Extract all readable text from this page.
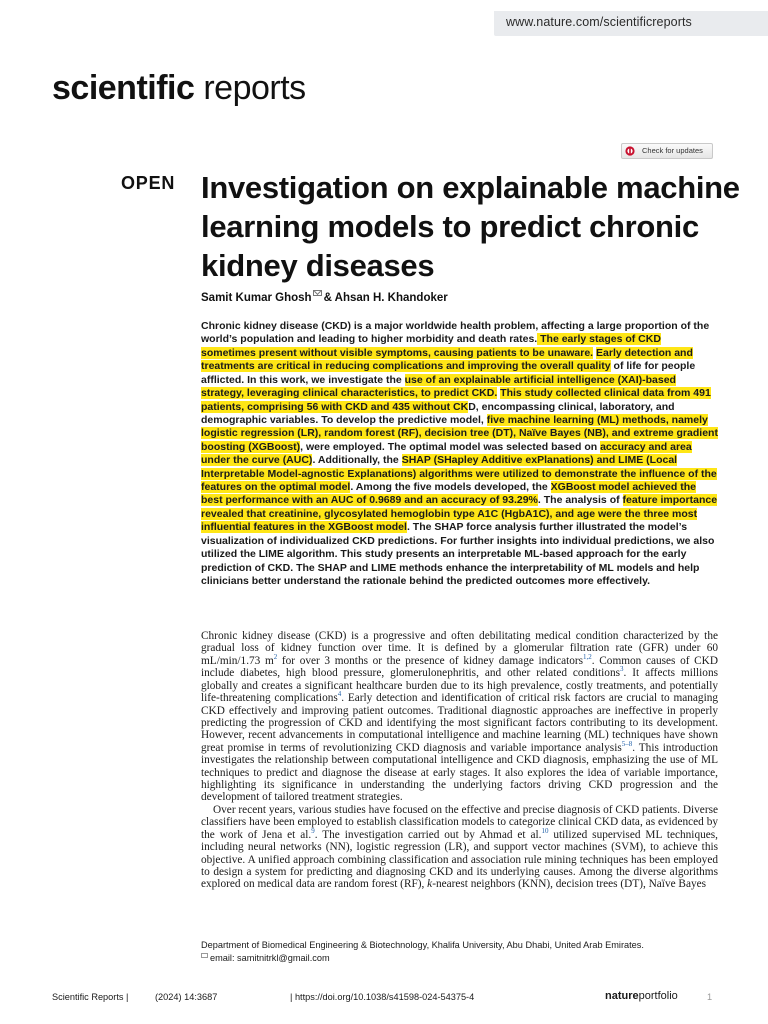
www.nature.com/scientificreports
scientific reports
Check for updates
OPEN Investigation on explainable machine learning models to predict chronic kidney diseases
Samit Kumar Ghosh & Ahsan H. Khandoker

Chronic kidney disease (CKD) is a major worldwide health problem, affecting a large proportion of the world’s population and leading to higher morbidity and death rates. The early stages of CKD sometimes present without visible symptoms, causing patients to be unaware. Early detection and treatments are critical in reducing complications and improving the overall quality of life for people afflicted. In this work, we investigate the use of an explainable artificial intelligence (XAI)-based strategy, leveraging clinical characteristics, to predict CKD. This study collected clinical data from 491 patients, comprising 56 with CKD and 435 without CKD, encompassing clinical, laboratory, and demographic variables. To develop the predictive model, five machine learning (ML) methods, namely logistic regression (LR), random forest (RF), decision tree (DT), Naïve Bayes (NB), and extreme gradient boosting (XGBoost), were employed. The optimal model was selected based on accuracy and area under the curve (AUC). Additionally, the SHAP (SHapley Additive exPlanations) and LIME (Local Interpretable Model-agnostic Explanations) algorithms were utilized to demonstrate the influence of the features on the optimal model. Among the five models developed, the XGBoost model achieved the best performance with an AUC of 0.9689 and an accuracy of 93.29%. The analysis of feature importance revealed that creatinine, glycosylated hemoglobin type A1C (HgbA1C), and age were the three most influential features in the XGBoost model. The SHAP force analysis further illustrated the model’s visualization of individualized CKD predictions. For further insights into individual predictions, we also utilized the LIME algorithm. This study presents an interpretable ML-based approach for the early prediction of CKD. The SHAP and LIME methods enhance the interpretability of ML models and help clinicians better understand the rationale behind the predicted outcomes more effectively.

Chronic kidney disease (CKD) is a progressive and often debilitating medical condition characterized by the gradual loss of kidney function over time. It is defined by a glomerular filtration rate (GFR) under 60 mL/min/1.73 $m^2$ for over 3 months or the presence of kidney damage indicators$^{1,2}$. Common causes of CKD include diabetes, high blood pressure, glomerulonephritis, and other related conditions$^3$. It affects millions globally and creates a significant healthcare burden due to its high prevalence, costly treatments, and potentially life-threatening complications$^4$. Early detection and identification of critical risk factors are crucial to managing CKD effectively and improving patient outcomes. Traditional diagnostic approaches are ineffective in properly predicting the progression of CKD and identifying the most significant factors contributing to its development. However, recent advancements in computational intelligence and machine learning (ML) techniques have shown great promise in terms of revolutionizing CKD diagnosis and variable importance analysis$^{5-8}$. This introduction investigates the relationship between computational intelligence and CKD diagnosis, emphasizing the use of ML techniques to predict and diagnose the disease at early stages. It also explores the idea of variable importance, highlighting its significance in understanding the underlying factors driving CKD progression and the development of tailored treatment strategies.

Over recent years, various studies have focused on the effective and precise diagnosis of CKD patients. Diverse classifiers have been employed to establish classification models to categorize clinical CKD data, as evidenced by the work of Jena et al.$^9$. The investigation carried out by Ahmad et al.$^{10}$ utilized supervised ML techniques, including neural networks (NN), logistic regression (LR), and support vector machines (SVM), to achieve this objective. A unified approach combining classification and association rule mining techniques has been employed to design a system for predicting and diagnosing CKD and its underlying causes. Among the diverse algorithms explored on medical data are random forest (RF), k-nearest neighbors (KNN), decision trees (DT), Naïve Bayes

Department of Biomedical Engineering & Biotechnology, Khalifa University, Abu Dhabi, United Arab Emirates.
email: samitnitrkl@gmail.com
Scientific Reports |	(2024) 14:3687	| https://doi.org/10.1038/s41598-024-54375-4	natureportfolio	1
